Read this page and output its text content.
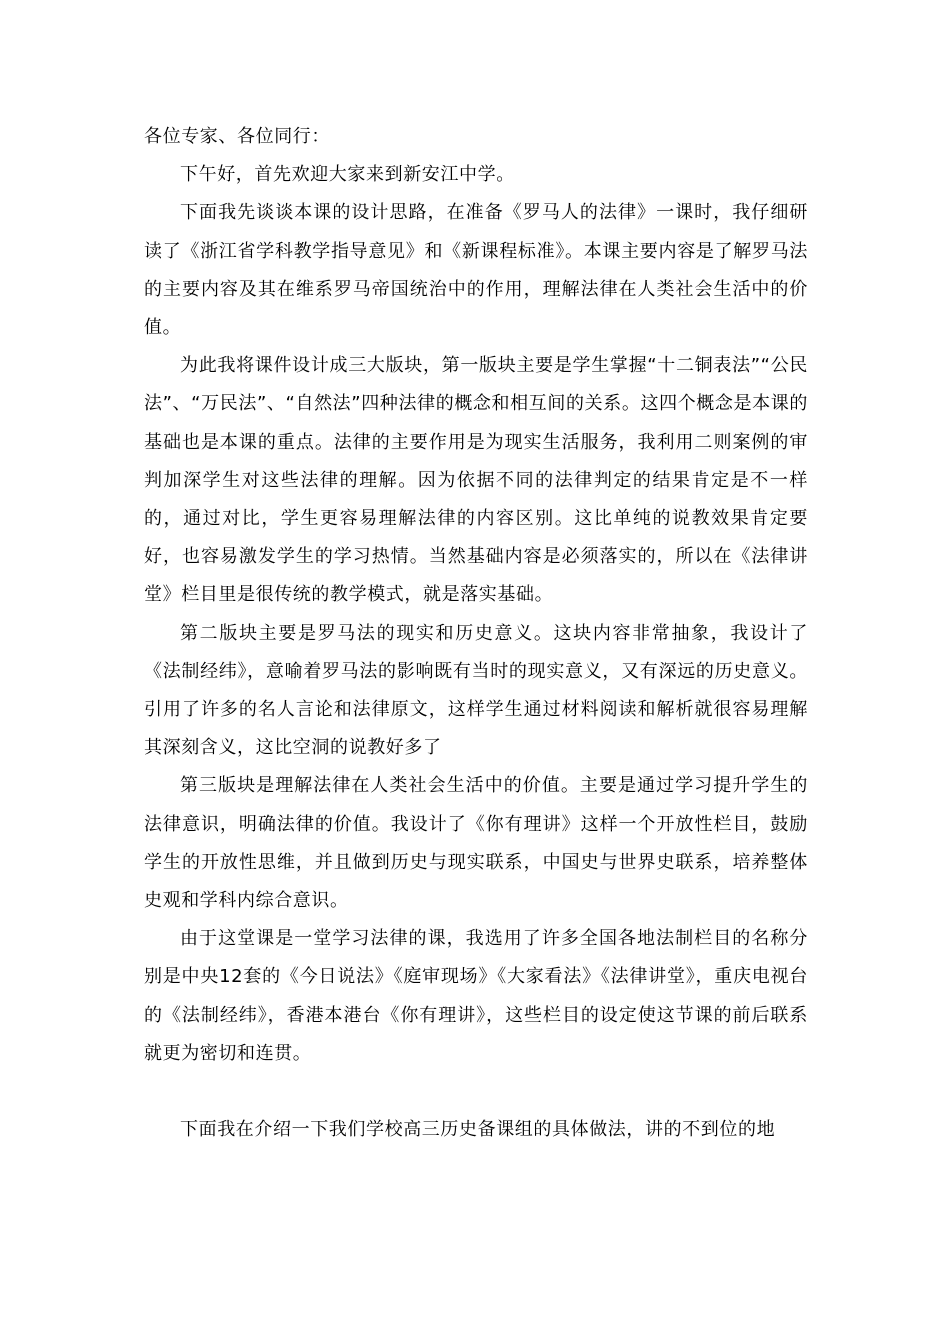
各位专家、各位同行：

下午好，首先欢迎大家来到新安江中学。

下面我先谈谈本课的设计思路，在准备《罗马人的法律》一课时，我仔细研读了《浙江省学科教学指导意见》和《新课程标准》。本课主要内容是了解罗马法的主要内容及其在维系罗马帝国统治中的作用，理解法律在人类社会生活中的价值。

为此我将课件设计成三大版块，第一版块主要是学生掌握“十二铜表法”“公民法”、“万民法”、“自然法”四种法律的概念和相互间的关系。这四个概念是本课的基础也是本课的重点。法律的主要作用是为现实生活服务，我利用二则案例的审判加深学生对这些法律的理解。因为依据不同的法律判定的结果肯定是不一样的，通过对比，学生更容易理解法律的内容区别。这比单纯的说教效果肯定要好，也容易激发学生的学习热情。当然基础内容是必须落实的，所以在《法律讲堂》栏目里是很传统的教学模式，就是落实基础。

第二版块主要是罗马法的现实和历史意义。这块内容非常抽象，我设计了《法制经纬》，意喻着罗马法的影响既有当时的现实意义，又有深远的历史意义。引用了许多的名人言论和法律原文，这样学生通过材料阅读和解析就很容易理解其深刻含义，这比空洞的说教好多了

第三版块是理解法律在人类社会生活中的价值。主要是通过学习提升学生的法律意识，明确法律的价值。我设计了《你有理讲》这样一个开放性栏目，鼓励学生的开放性思维，并且做到历史与现实联系，中国史与世界史联系，培养整体史观和学科内综合意识。

由于这堂课是一堂学习法律的课，我选用了许多全国各地法制栏目的名称分别是中央12套的《今日说法》《庭审现场》《大家看法》《法律讲堂》，重庆电视台的《法制经纬》，香港本港台《你有理讲》，这些栏目的设定使这节课的前后联系就更为密切和连贯。

下面我在介绍一下我们学校高三历史备课组的具体做法，讲的不到位的地
